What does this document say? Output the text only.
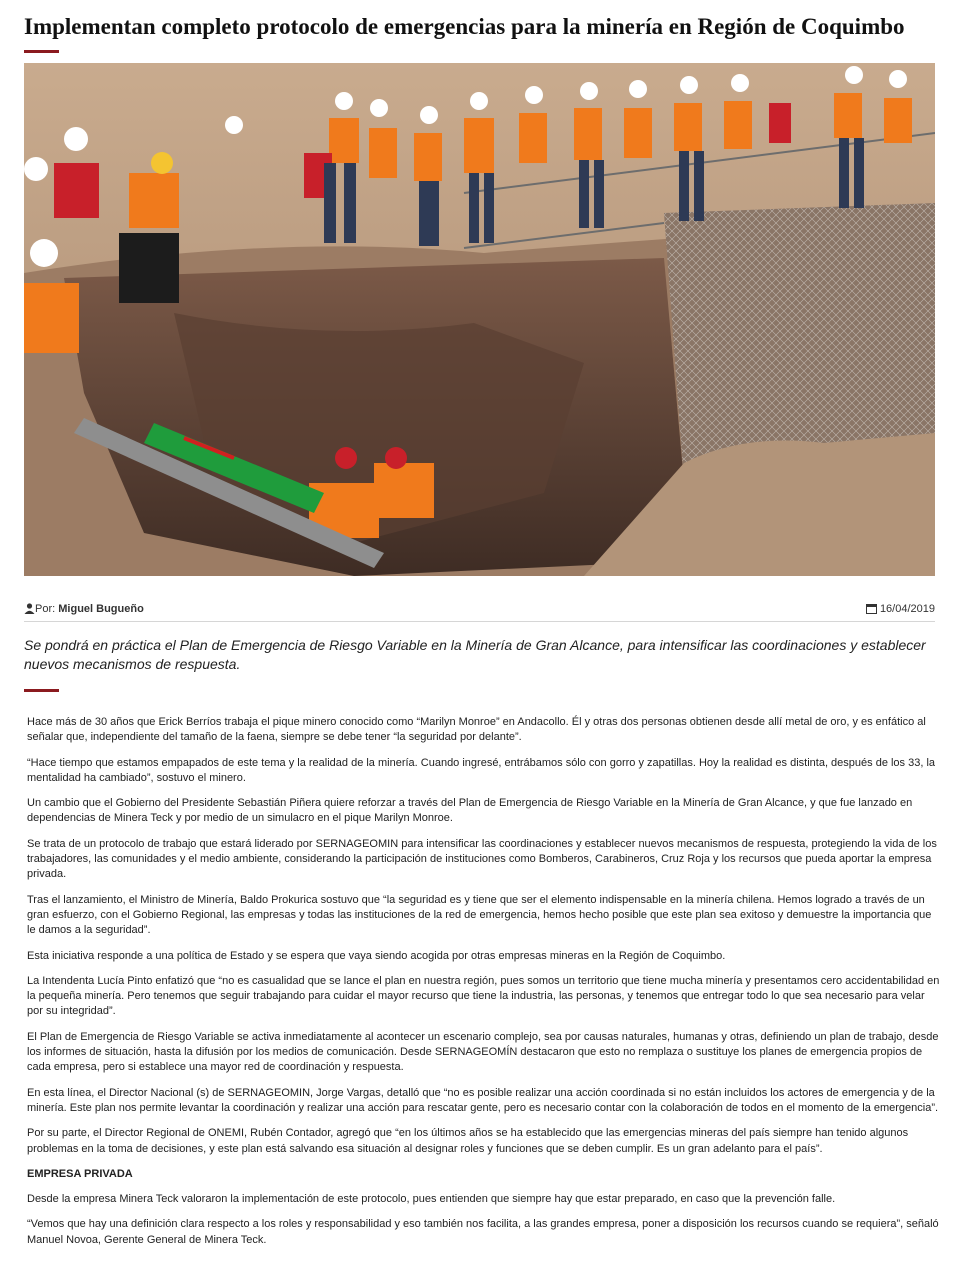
Implementan completo protocolo de emergencias para la minería en Región de Coquimbo
Por: Miguel Bugueño	16/04/2019

Se pondrá en práctica el Plan de Emergencia de Riesgo Variable en la Minería de Gran Alcance, para intensificar las coordinaciones y establecer nuevos mecanismos de respuesta.

Hace más de 30 años que Erick Berríos trabaja el pique minero conocido como “Marilyn Monroe” en Andacollo. Él y otras dos personas obtienen desde allí metal de oro, y es enfático al señalar que, independiente del tamaño de la faena, siempre se debe tener “la seguridad por delante”.

“Hace tiempo que estamos empapados de este tema y la realidad de la minería. Cuando ingresé, entrábamos sólo con gorro y zapatillas. Hoy la realidad es distinta, después de los 33, la mentalidad ha cambiado”, sostuvo el minero.

Un cambio que el Gobierno del Presidente Sebastián Piñera quiere reforzar a través del Plan de Emergencia de Riesgo Variable en la Minería de Gran Alcance, y que fue lanzado en dependencias de Minera Teck y por medio de un simulacro en el pique Marilyn Monroe.

Se trata de un protocolo de trabajo que estará liderado por SERNAGEOMIN para intensificar las coordinaciones y establecer nuevos mecanismos de respuesta, protegiendo la vida de los trabajadores, las comunidades y el medio ambiente, considerando la participación de instituciones como Bomberos, Carabineros, Cruz Roja y los recursos que pueda aportar la empresa privada.

Tras el lanzamiento, el Ministro de Minería, Baldo Prokurica sostuvo que “la seguridad es y tiene que ser el elemento indispensable en la minería chilena. Hemos logrado a través de un gran esfuerzo, con el Gobierno Regional, las empresas y todas las instituciones de la red de emergencia, hemos hecho posible que este plan sea exitoso y demuestre la importancia que le damos a la seguridad”.

Esta iniciativa responde a una política de Estado y se espera que vaya siendo acogida por otras empresas mineras en la Región de Coquimbo.

La Intendenta Lucía Pinto enfatizó que “no es casualidad que se lance el plan en nuestra región, pues somos un territorio que tiene mucha minería y presentamos cero accidentabilidad en la pequeña minería. Pero tenemos que seguir trabajando para cuidar el mayor recurso que tiene la industria, las personas, y tenemos que entregar todo lo que sea necesario para velar por su integridad”.

El Plan de Emergencia de Riesgo Variable se activa inmediatamente al acontecer un escenario complejo, sea por causas naturales, humanas y otras, definiendo un plan de trabajo, desde los informes de situación, hasta la difusión por los medios de comunicación. Desde SERNAGEOMÍN destacaron que esto no remplaza o sustituye los planes de emergencia propios de cada empresa, pero si establece una mayor red de coordinación y respuesta.

En esta línea, el Director Nacional (s) de SERNAGEOMIN, Jorge Vargas, detalló que “no es posible realizar una acción coordinada si no están incluidos los actores de emergencia y de la minería. Este plan nos permite levantar la coordinación y realizar una acción para rescatar gente, pero es necesario contar con la colaboración de todos en el momento de la emergencia”.

Por su parte, el Director Regional de ONEMI, Rubén Contador, agregó que “en los últimos años se ha establecido que las emergencias mineras del país siempre han tenido algunos problemas en la toma de decisiones, y este plan está salvando esa situación al designar roles y funciones que se deben cumplir. Es un gran adelanto para el país”.

EMPRESA PRIVADA

Desde la empresa Minera Teck valoraron la implementación de este protocolo, pues entienden que siempre hay que estar preparado, en caso que la prevención falle.

“Vemos que hay una definición clara respecto a los roles y responsabilidad y eso también nos facilita, a las grandes empresa, poner a disposición los recursos cuando se requiera”, señaló Manuel Novoa, Gerente General de Minera Teck.
